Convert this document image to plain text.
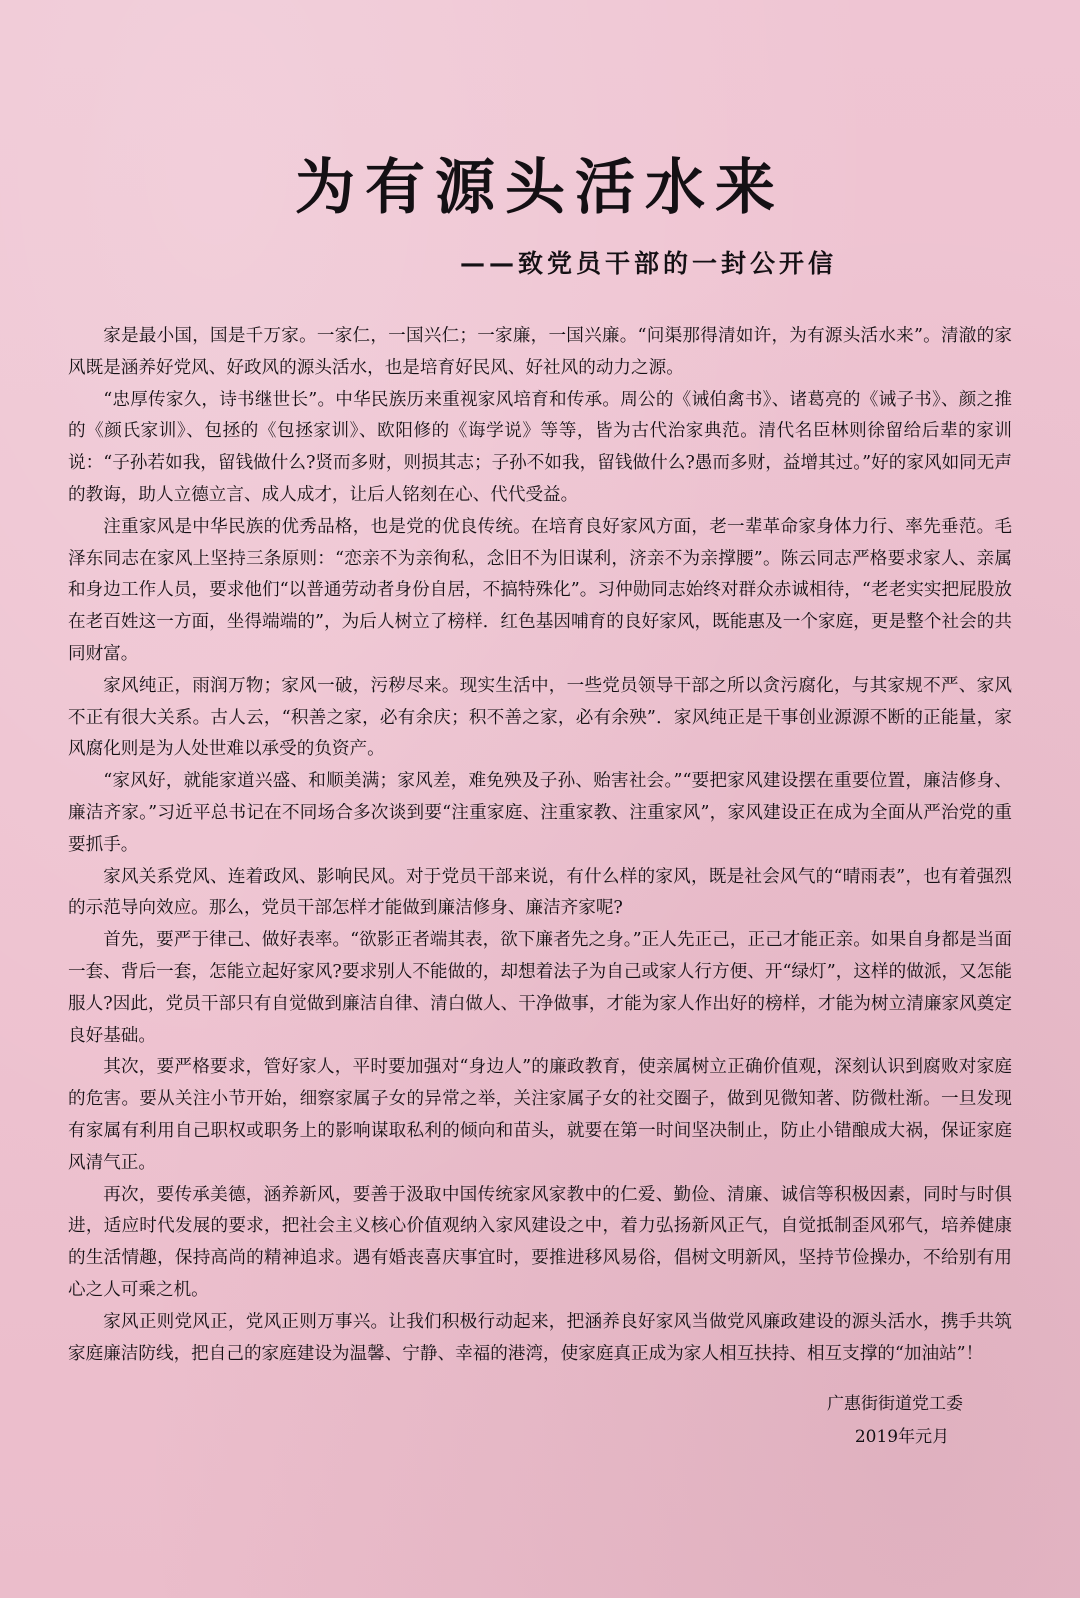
为有源头活水来
——致党员干部的一封公开信

家是最小国，国是千万家。一家仁，一国兴仁；一家廉，一国兴廉。“问渠那得清如许，为有源头活水来”。清澈的家风既是涵养好党风、好政风的源头活水，也是培育好民风、好社风的动力之源。

“忠厚传家久，诗书继世长”。中华民族历来重视家风培育和传承。周公的《诫伯禽书》、诸葛亮的《诫子书》、颜之推的《颜氏家训》、包拯的《包拯家训》、欧阳修的《诲学说》等等，皆为古代治家典范。清代名臣林则徐留给后辈的家训说：“子孙若如我，留钱做什么?贤而多财，则损其志；子孙不如我，留钱做什么?愚而多财，益增其过。”好的家风如同无声的教诲，助人立德立言、成人成才，让后人铭刻在心、代代受益。

注重家风是中华民族的优秀品格，也是党的优良传统。在培育良好家风方面，老一辈革命家身体力行、率先垂范。毛泽东同志在家风上坚持三条原则：“恋亲不为亲徇私，念旧不为旧谋利，济亲不为亲撑腰”。陈云同志严格要求家人、亲属和身边工作人员，要求他们“以普通劳动者身份自居，不搞特殊化”。习仲勋同志始终对群众赤诚相待，“老老实实把屁股放在老百姓这一方面，坐得端端的”，为后人树立了榜样．红色基因哺育的良好家风，既能惠及一个家庭，更是整个社会的共同财富。

家风纯正，雨润万物；家风一破，污秽尽来。现实生活中，一些党员领导干部之所以贪污腐化，与其家规不严、家风不正有很大关系。古人云，“积善之家，必有余庆；积不善之家，必有余殃”．家风纯正是干事创业源源不断的正能量，家风腐化则是为人处世难以承受的负资产。

“家风好，就能家道兴盛、和顺美满；家风差，难免殃及子孙、贻害社会。”“要把家风建设摆在重要位置，廉洁修身、廉洁齐家。”习近平总书记在不同场合多次谈到要“注重家庭、注重家教、注重家风”，家风建设正在成为全面从严治党的重要抓手。

家风关系党风、连着政风、影响民风。对于党员干部来说，有什么样的家风，既是社会风气的“晴雨表”，也有着强烈的示范导向效应。那么，党员干部怎样才能做到廉洁修身、廉洁齐家呢?

首先，要严于律己、做好表率。“欲影正者端其表，欲下廉者先之身。”正人先正己，正己才能正亲。如果自身都是当面一套、背后一套，怎能立起好家风?要求别人不能做的，却想着法子为自己或家人行方便、开“绿灯”，这样的做派，又怎能服人?因此，党员干部只有自觉做到廉洁自律、清白做人、干净做事，才能为家人作出好的榜样，才能为树立清廉家风奠定良好基础。

其次，要严格要求，管好家人，平时要加强对“身边人”的廉政教育，使亲属树立正确价值观，深刻认识到腐败对家庭的危害。要从关注小节开始，细察家属子女的异常之举，关注家属子女的社交圈子，做到见微知著、防微杜渐。一旦发现有家属有利用自己职权或职务上的影响谋取私利的倾向和苗头，就要在第一时间坚决制止，防止小错酿成大祸，保证家庭风清气正。

再次，要传承美德，涵养新风，要善于汲取中国传统家风家教中的仁爱、勤俭、清廉、诚信等积极因素，同时与时俱进，适应时代发展的要求，把社会主义核心价值观纳入家风建设之中，着力弘扬新风正气，自觉抵制歪风邪气，培养健康的生活情趣，保持高尚的精神追求。遇有婚丧喜庆事宜时，要推进移风易俗，倡树文明新风，坚持节俭操办，不给别有用心之人可乘之机。

家风正则党风正，党风正则万事兴。让我们积极行动起来，把涵养良好家风当做党风廉政建设的源头活水，携手共筑家庭廉洁防线，把自己的家庭建设为温馨、宁静、幸福的港湾，使家庭真正成为家人相互扶持、相互支撑的“加油站”！

广惠街街道党工委
2019年元月
